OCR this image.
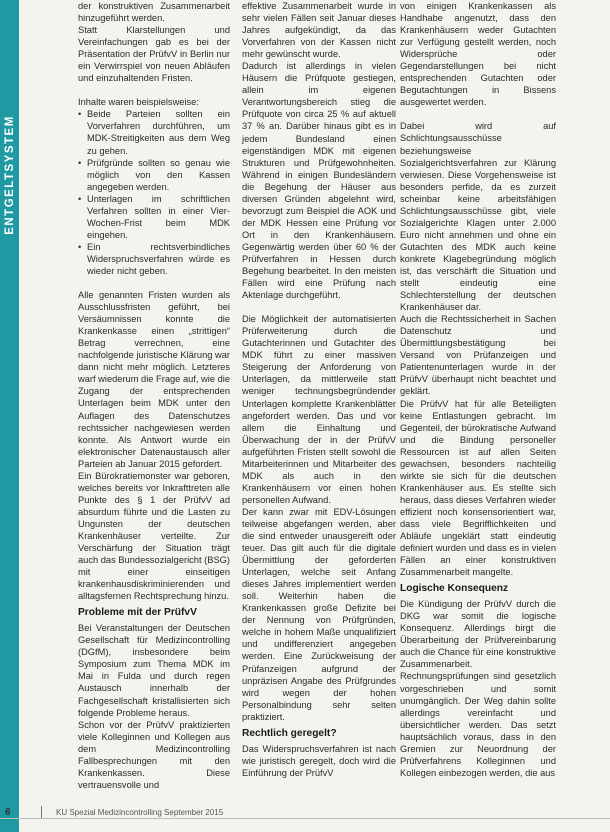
ENTGELTSYSTEM

der konstruktiven Zusammenarbeit hinzugeführt werden.

Statt Klarstellungen und Vereinfachungen gab es bei der Präsentation der PrüfvV in Berlin nur ein Verwirrspiel von neuen Abläufen und einzuhaltenden Fristen.

Inhalte waren beispielsweise:

• Beide Parteien sollten ein Vorverfahren durchführen, um MDK-Streitigkeiten aus dem Weg zu gehen.
• Prüfgründe sollten so genau wie möglich von den Kassen angegeben werden.
• Unterlagen im schriftlichen Verfahren sollten in einer Vier-Wochen-Frist beim MDK eingehen.
• Ein rechtsverbindliches Widerspruchsverfahren würde es wieder nicht geben.

Alle genannten Fristen wurden als Ausschlussfristen geführt, bei Versäumnissen konnte die Krankenkasse einen „strittigen“ Betrag verrechnen, eine nachfolgende juristische Klärung war dann nicht mehr möglich. Letzteres warf wiederum die Frage auf, wie die Zugang der entsprechenden Unterlagen beim MDK unter den Auflagen des Datenschutzes rechtssicher nachgewiesen werden konnte. Als Antwort wurde ein elektronischer Datenaustausch aller Parteien ab Januar 2015 gefordert.

Ein Bürokratiemonster war geboren, welches bereits vor Inkrafttreten alle Punkte des § 1 der PrüfvV ad absurdum führte und die Lasten zu Ungunsten der deutschen Krankenhäuser verteilte. Zur Verschärfung der Situation trägt auch das Bundessozialgericht (BSG) mit einer einseitigen krankenhausdiskriminierenden und alltagsfernen Rechtsprechung hinzu.

Probleme mit der PrüfvV

Bei Veranstaltungen der Deutschen Gesellschaft für Medizincontrolling (DGfM), insbesondere beim Symposium zum Thema MDK im Mai in Fulda und durch regen Austausch innerhalb der Fachgesellschaft kristallisierten sich folgende Probleme heraus.

Schon vor der PrüfvV praktizierten viele Kolleginnen und Kollegen aus dem Medizincontrolling Fallbesprechungen mit den Krankenkassen. Diese vertrauensvolle und

effektive Zusammenarbeit wurde in sehr vielen Fällen seit Januar dieses Jahres aufgekündigt, da das Vorverfahren von der Kassen nicht mehr gewünscht wurde.

Dadurch ist allerdings in vielen Häusern die Prüfquote gestiegen, allein im eigenen Verantwortungsbereich stieg die Prüfquote von circa 25 % auf aktuell 37 % an. Darüber hinaus gibt es in jedem Bundesland einen eigenständigen MDK mit eigenen Strukturen und Prüfgewohnheiten. Während in einigen Bundesländern die Begehung der Häuser aus diversen Gründen abgelehnt wird, bevorzugt zum Beispiel die AOK und der MDK Hessen eine Prüfung vor Ort in den Krankenhäusern. Gegenwärtig werden über 60 % der Prüfverfahren in Hessen durch Begehung bearbeitet. In den meisten Fällen wird eine Prüfung nach Aktenlage durchgeführt.

Die Möglichkeit der automatisierten Prüferweiterung durch die Gutachterinnen und Gutachter des MDK führt zu einer massiven Steigerung der Anforderung von Unterlagen, da mittlerweile statt weniger technungsbegründender Unterlagen komplette Krankenblätter angefordert werden. Das und vor allem die Einhaltung und Überwachung der in der PrüfvV aufgeführten Fristen stellt sowohl die Mitarbeiterinnen und Mitarbeiter des MDK als auch in den Krankenhäusern vor einen hohen personellen Aufwand.

Der kann zwar mit EDV-Lösungen teilweise abgefangen werden, aber die sind entweder unausgereift oder teuer. Das gilt auch für die digitale Übermittlung der geforderten Unterlagen, welche seit Anfang dieses Jahres implementiert werden soll. Weiterhin haben die Krankenkassen große Defizite bei der Nennung von Prüfgründen, welche in hohem Maße unqualifiziert und undifferenziert angegeben werden. Eine Zurückweisung der Prüfanzeigen aufgrund der unpräzisen Angabe des Prüfgrundes wird wegen der hohen Personalbindung sehr selten praktiziert.

Rechtlich geregelt?

Das Widerspruchsverfahren ist nach wie juristisch geregelt, doch wird die Einführung der PrüfvV

von einigen Krankenkassen als Handhabe angenutzt, dass den Krankenhäusern weder Gutachten zur Verfügung gestellt werden, noch Widersprüche oder Gegendarstellungen bei nicht entsprechenden Gutachten oder Begutachtungen in Bissens ausgewertet werden.

Dabei wird auf Schlichtungsausschüsse beziehungsweise Sozialgerichtsverfahren zur Klärung verwiesen. Diese Vorgehensweise ist besonders perfide, da es zurzeit scheinbar keine arbeitsfähigen Schlichtungsausschüsse gibt, viele Sozialgerichte Klagen unter 2.000 Euro nicht annehmen und ohne ein Gutachten des MDK auch keine konkrete Klagebegründung möglich ist, das verschärft die Situation und stellt eindeutig eine Schlechterstellung der deutschen Krankenhäuser dar.

Auch die Rechtssicherheit in Sachen Datenschutz und Übermittlungsbestätigung bei Versand von Prüfanzeigen und Patientenunterlagen wurde in der PrüfvV überhaupt nicht beachtet und geklärt.

Die PrüfvV hat für alle Beteiligten keine Entlastungen gebracht. Im Gegenteil, der bürokratische Aufwand und die Bindung personeller Ressourcen ist auf allen Seiten gewachsen, besonders nachteilig wirkte sie sich für die deutschen Krankenhäuser aus. Es stellte sich heraus, dass dieses Verfahren wieder effizient noch konsensorientiert war, dass viele Begrifflichkeiten und Abläufe ungeklärt statt eindeutig definiert wurden und dass es in vielen Fällen an einer konstruktiven Zusammenarbeit mangelte.

Logische Konsequenz

Die Kündigung der PrüfvV durch die DKG war somit die logische Konsequenz. Allerdings birgt die Überarbeitung der Prüfvereinbarung auch die Chance für eine konstruktive Zusammenarbeit. Rechnungsprüfungen sind gesetzlich vorgeschrieben und somit unumgänglich. Der Weg dahin sollte allerdings vereinfacht und übersichtlicher werden. Das setzt hauptsächlich voraus, dass in den Gremien zur Neuordnung der Prüfverfahrens Kolleginnen und Kollegen einbezogen werden, die aus

6	KU Spezial Medizincontrolling September 2015
